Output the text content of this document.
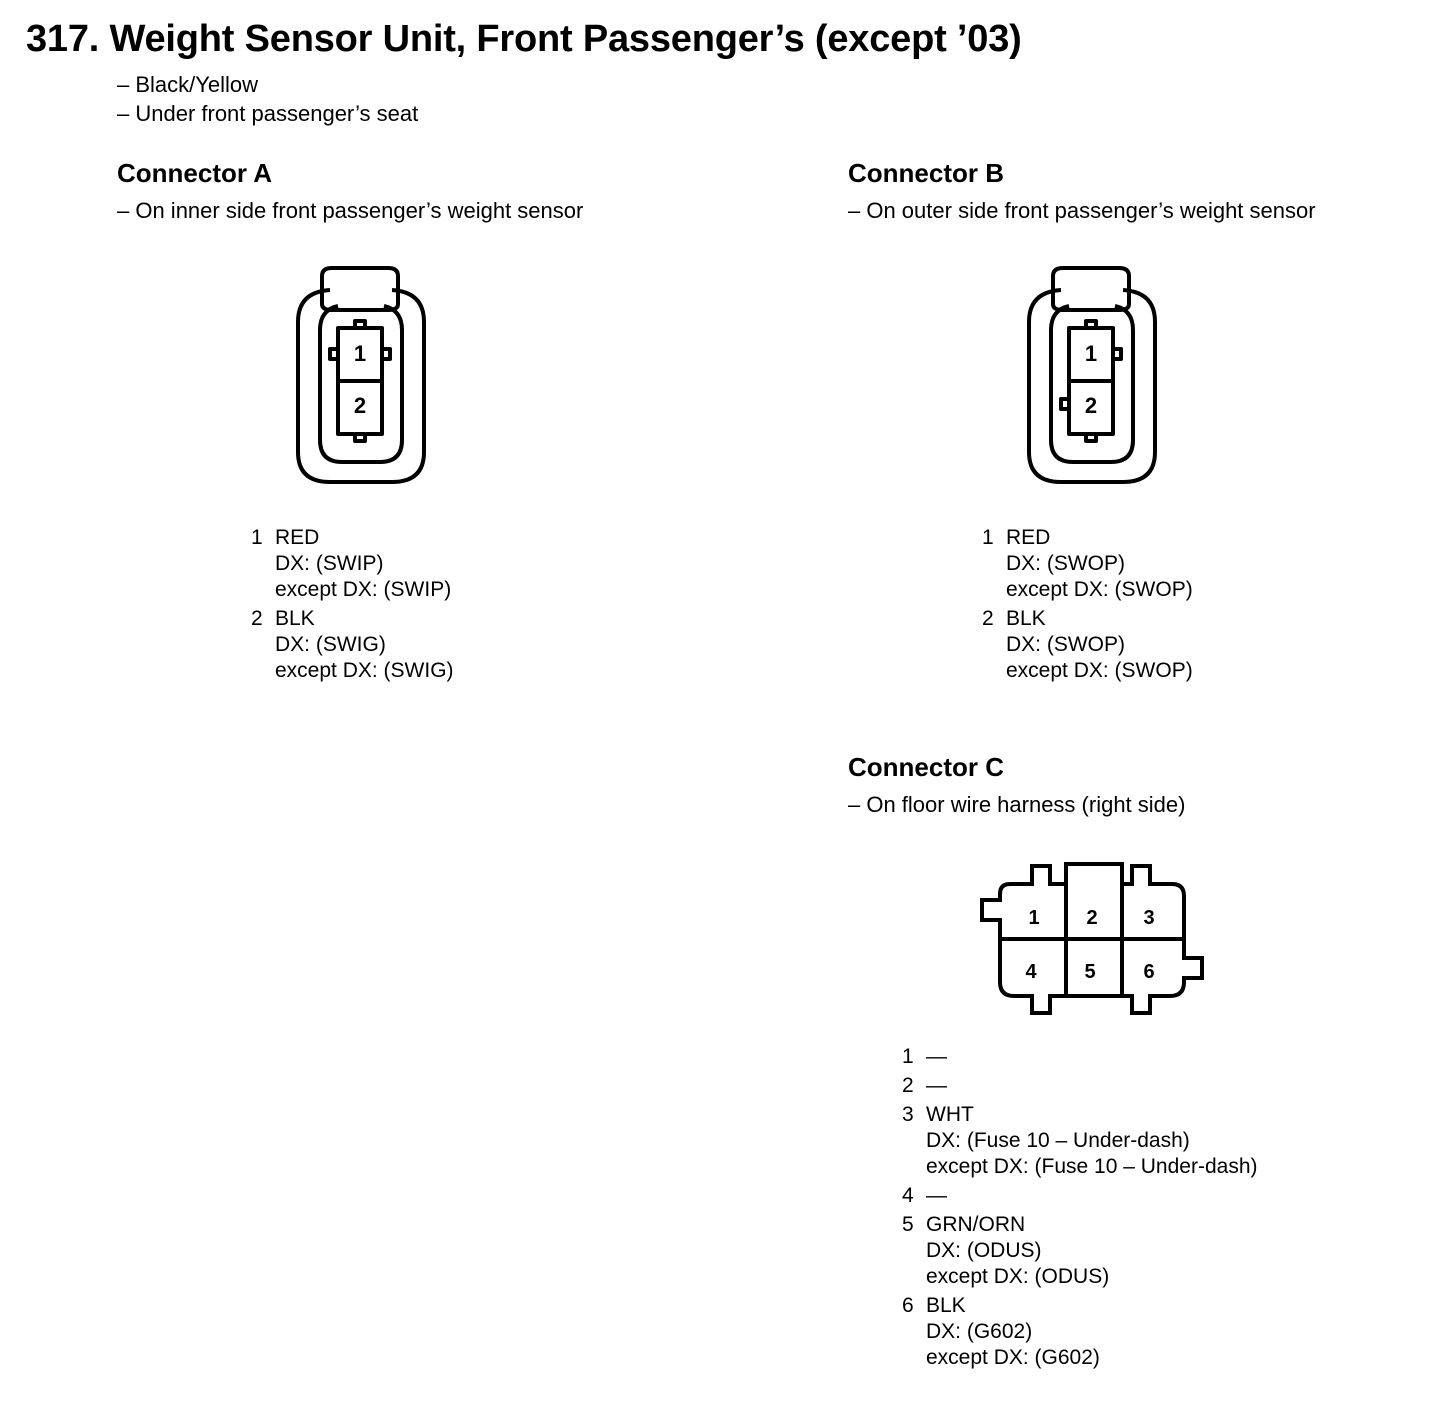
317. Weight Sensor Unit, Front Passenger’s (except ’03)
– Black/Yellow
– Under front passenger’s seat
Connector A
– On inner side front passenger’s weight sensor
1
2
1 RED
DX: (SWIP)
except DX: (SWIP)
2 BLK
DX: (SWIG)
except DX: (SWIG)
Connector B
– On outer side front passenger’s weight sensor
1
2
1 RED
DX: (SWOP)
except DX: (SWOP)
2 BLK
DX: (SWOP)
except DX: (SWOP)
Connector C
– On floor wire harness (right side)
1 2 3
4 5 6
1 —
2 —
3 WHT
DX: (Fuse 10 – Under-dash)
except DX: (Fuse 10 – Under-dash)
4 —
5 GRN/ORN
DX: (ODUS)
except DX: (ODUS)
6 BLK
DX: (G602)
except DX: (G602)
